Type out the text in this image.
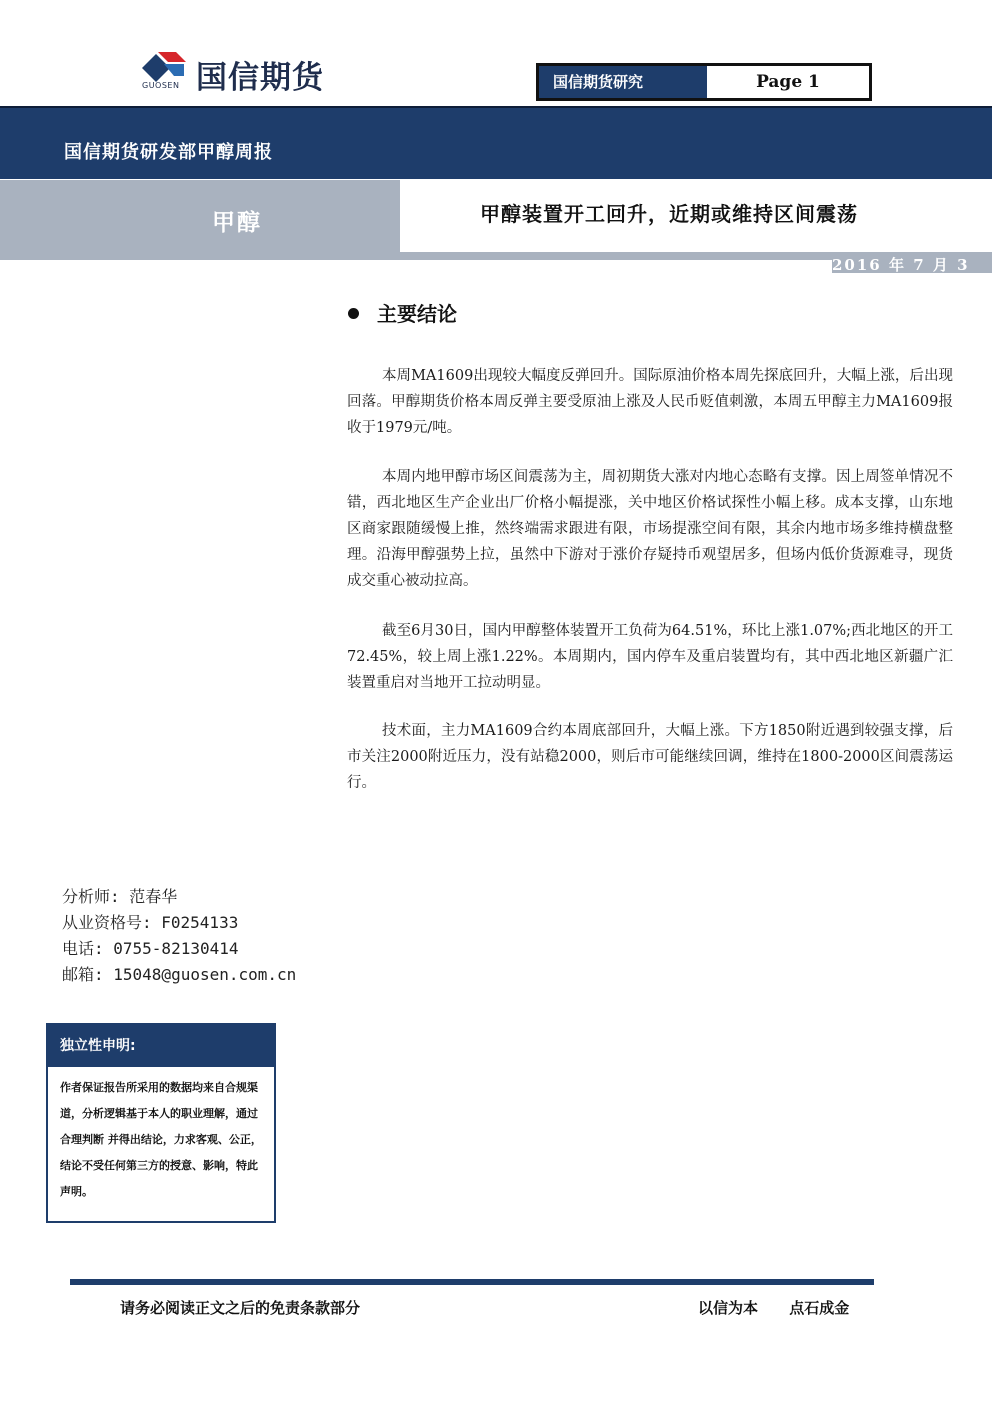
国信期货
GUOSEN	国信期货研究	Page 1
国信期货研发部甲醇周报
甲醇	甲醇装置开工回升，近期或维持区间震荡
2016 年 7 月 3 日
主要结论

本周MA1609出现较大幅度反弹回升。国际原油价格本周先探底回升，大幅上涨，后出现回落。甲醇期货价格本周反弹主要受原油上涨及人民币贬值刺激，本周五甲醇主力MA1609报收于1979元/吨。

本周内地甲醇市场区间震荡为主，周初期货大涨对内地心态略有支撑。因上周签单情况不错，西北地区生产企业出厂价格小幅提涨，关中地区价格试探性小幅上移。成本支撑，山东地区商家跟随缓慢上推，然终端需求跟进有限，市场提涨空间有限，其余内地市场多维持横盘整理。沿海甲醇强势上拉，虽然中下游对于涨价存疑持币观望居多，但场内低价货源难寻，现货成交重心被动拉高。

截至6月30日，国内甲醇整体装置开工负荷为64.51%，环比上涨1.07%;西北地区的开工72.45%，较上周上涨1.22%。本周期内，国内停车及重启装置均有，其中西北地区新疆广汇装置重启对当地开工拉动明显。

技术面，主力MA1609合约本周底部回升，大幅上涨。下方1850附近遇到较强支撑，后市关注2000附近压力，没有站稳2000，则后市可能继续回调，维持在1800-2000区间震荡运行。

分析师: 范春华
从业资格号: F0254133
电话: 0755-82130414
邮箱: 15048@guosen.com.cn
独立性申明:
作者保证报告所采用的数据均来自合规渠道，分析逻辑基于本人的职业理解，通过合理判断 并得出结论，力求客观、公正，结论不受任何第三方的授意、影响，特此声明。
请务必阅读正文之后的免责条款部分	以信为本 点石成金
